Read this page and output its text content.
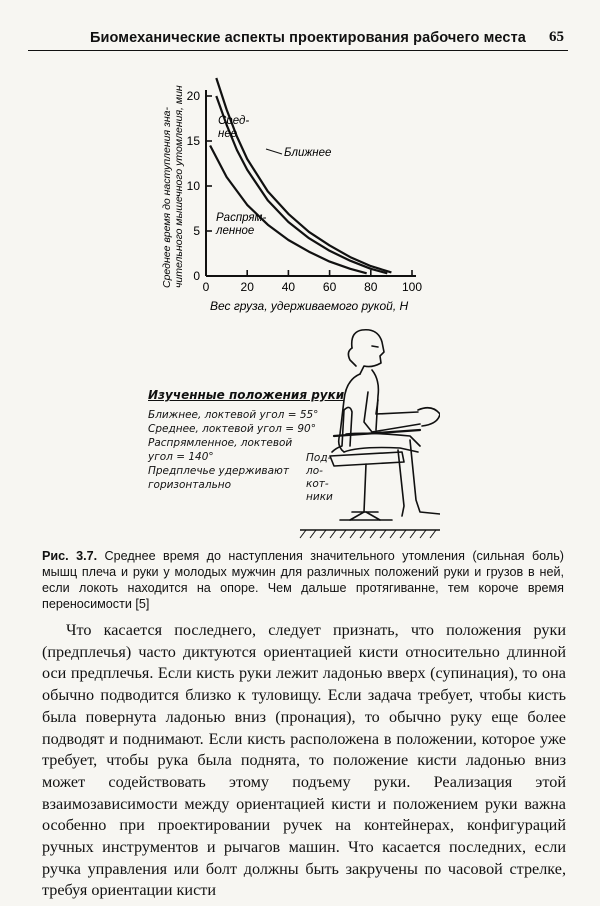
Биомеханические аспекты проектирования рабочего места 65
Среднее время до наступления зна- чительного мышечного утомления, мин 0	20 40 60 80 100
0
5
10
15
20
Ближнее
Сред-
нее
Распрям-
ленное
Вес груза, удерживаемого рукой, Н
Изученные положения руки
Ближнее, локтевой угол = 55°
Среднее, локтевой угол = 90°
Распрямленное, локтевой
угол = 140°
Предплечье удерживают
горизонтально
Под-
ло-
кот-
ники
Рис. 3.7. Среднее время до наступления значительного утомления (сильная боль) мышц плеча и руки у молодых мужчин для различных положений руки и грузов в ней, если локоть находится на опоре. Чем дальше протягиванне, тем короче время переносимости [5]
Что касается последнего, следует признать, что положения руки (предплечья) часто диктуются ориентацией кисти относительно длинной оси предплечья. Если кисть руки лежит ладонью вверх (супинация), то она обычно подводится близко к туловищу. Если задача требует, чтобы кисть была повернута ладонью вниз (пронация), то обычно руку еще более подводят и поднимают. Если кисть расположена в положении, которое уже требует, чтобы рука была поднята, то положение кисти ладонью вниз может содействовать этому подъему руки. Реализация этой взаимозависимости между ориентацией кисти и положением руки важна особенно при проектировании ручек на контейнерах, конфигураций ручных инструментов и рычагов машин. Что касается последних, если ручка управления или болт должны быть закручены по часовой стрелке, требуя ориентации кисти
